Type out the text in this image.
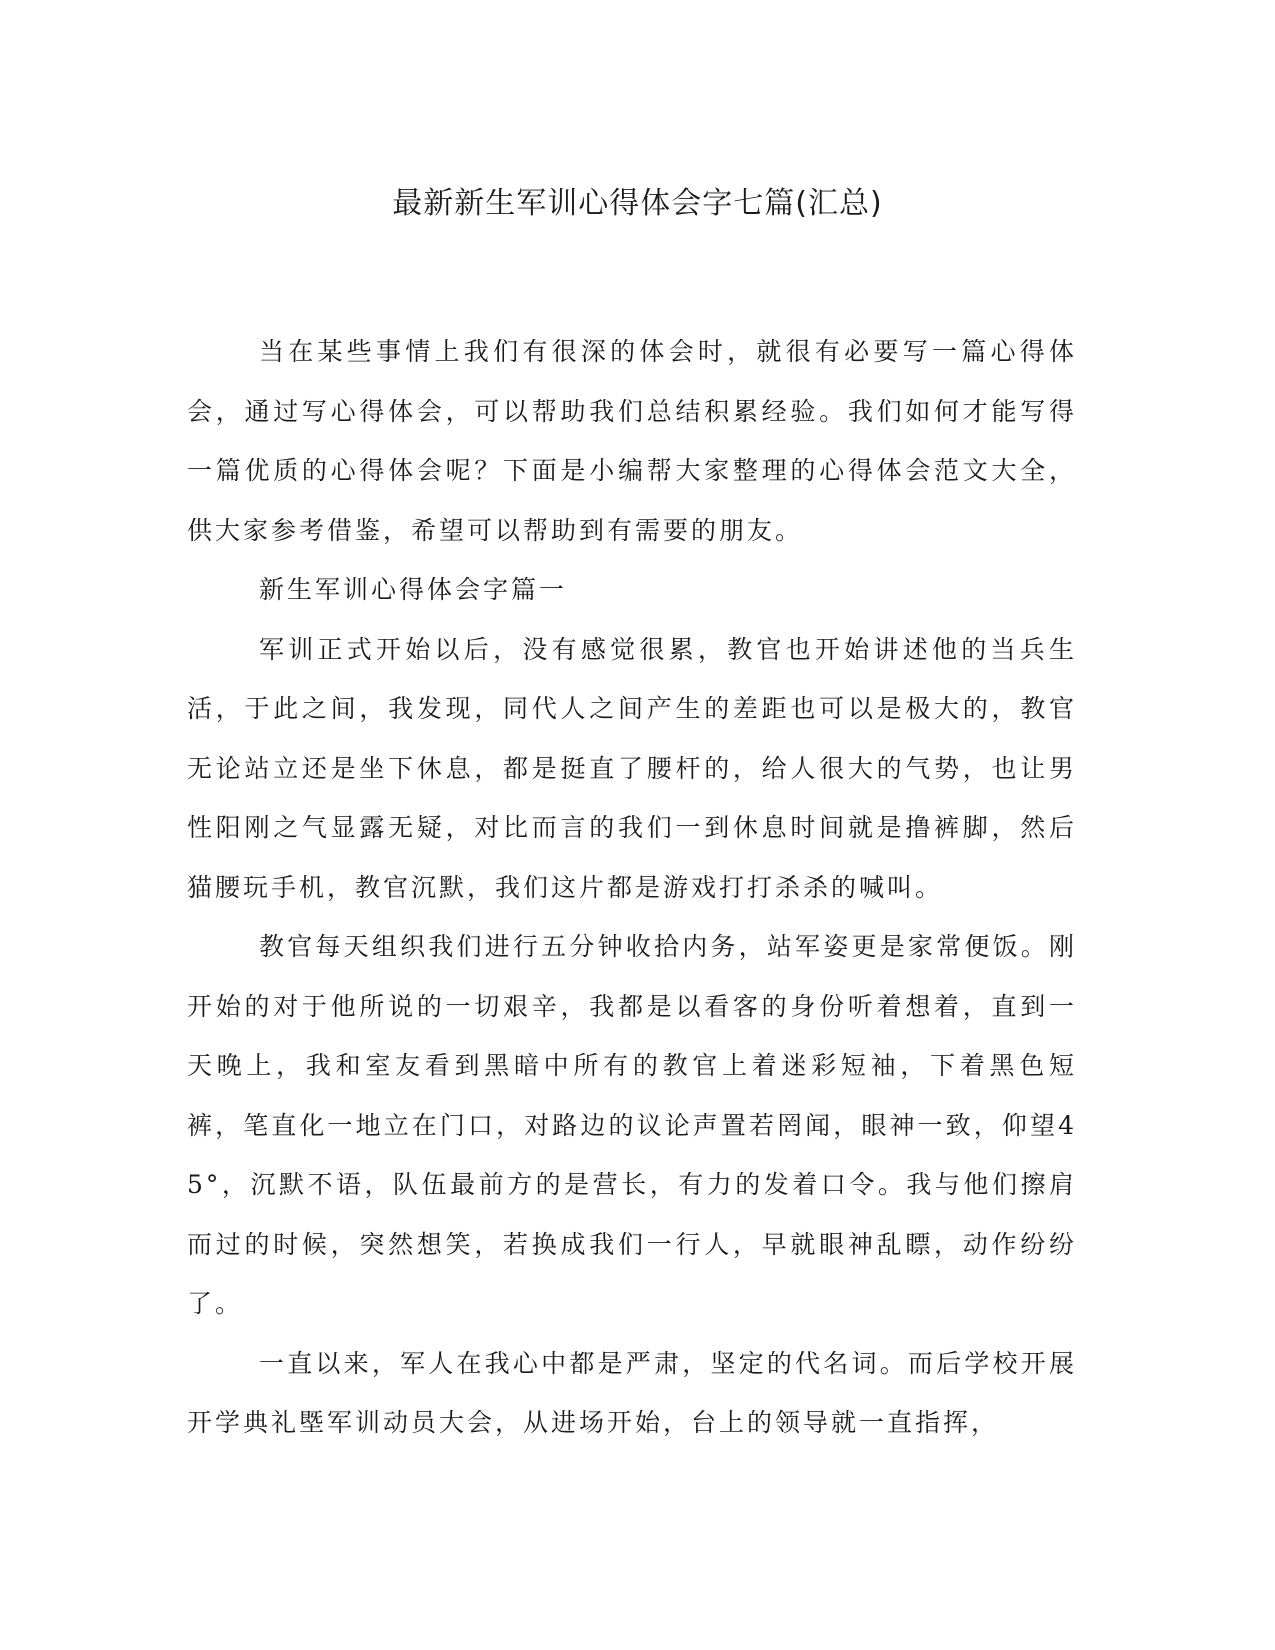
最新新生军训心得体会字七篇(汇总)

当在某些事情上我们有很深的体会时，就很有必要写一篇心得体会，通过写心得体会，可以帮助我们总结积累经验。我们如何才能写得一篇优质的心得体会呢？下面是小编帮大家整理的心得体会范文大全，供大家参考借鉴，希望可以帮助到有需要的朋友。

新生军训心得体会字篇一

军训正式开始以后，没有感觉很累，教官也开始讲述他的当兵生活，于此之间，我发现，同代人之间产生的差距也可以是极大的，教官无论站立还是坐下休息，都是挺直了腰杆的，给人很大的气势，也让男性阳刚之气显露无疑，对比而言的我们一到休息时间就是撸裤脚，然后猫腰玩手机，教官沉默，我们这片都是游戏打打杀杀的喊叫。

教官每天组织我们进行五分钟收拾内务，站军姿更是家常便饭。刚开始的对于他所说的一切艰辛，我都是以看客的身份听着想着，直到一天晚上，我和室友看到黑暗中所有的教官上着迷彩短袖，下着黑色短裤，笔直化一地立在门口，对路边的议论声置若罔闻，眼神一致，仰望45°，沉默不语，队伍最前方的是营长，有力的发着口令。我与他们擦肩而过的时候，突然想笑，若换成我们一行人，早就眼神乱瞟，动作纷纷了。

一直以来，军人在我心中都是严肃，坚定的代名词。而后学校开展开学典礼塈军训动员大会，从进场开始，台上的领导就一直指挥，
